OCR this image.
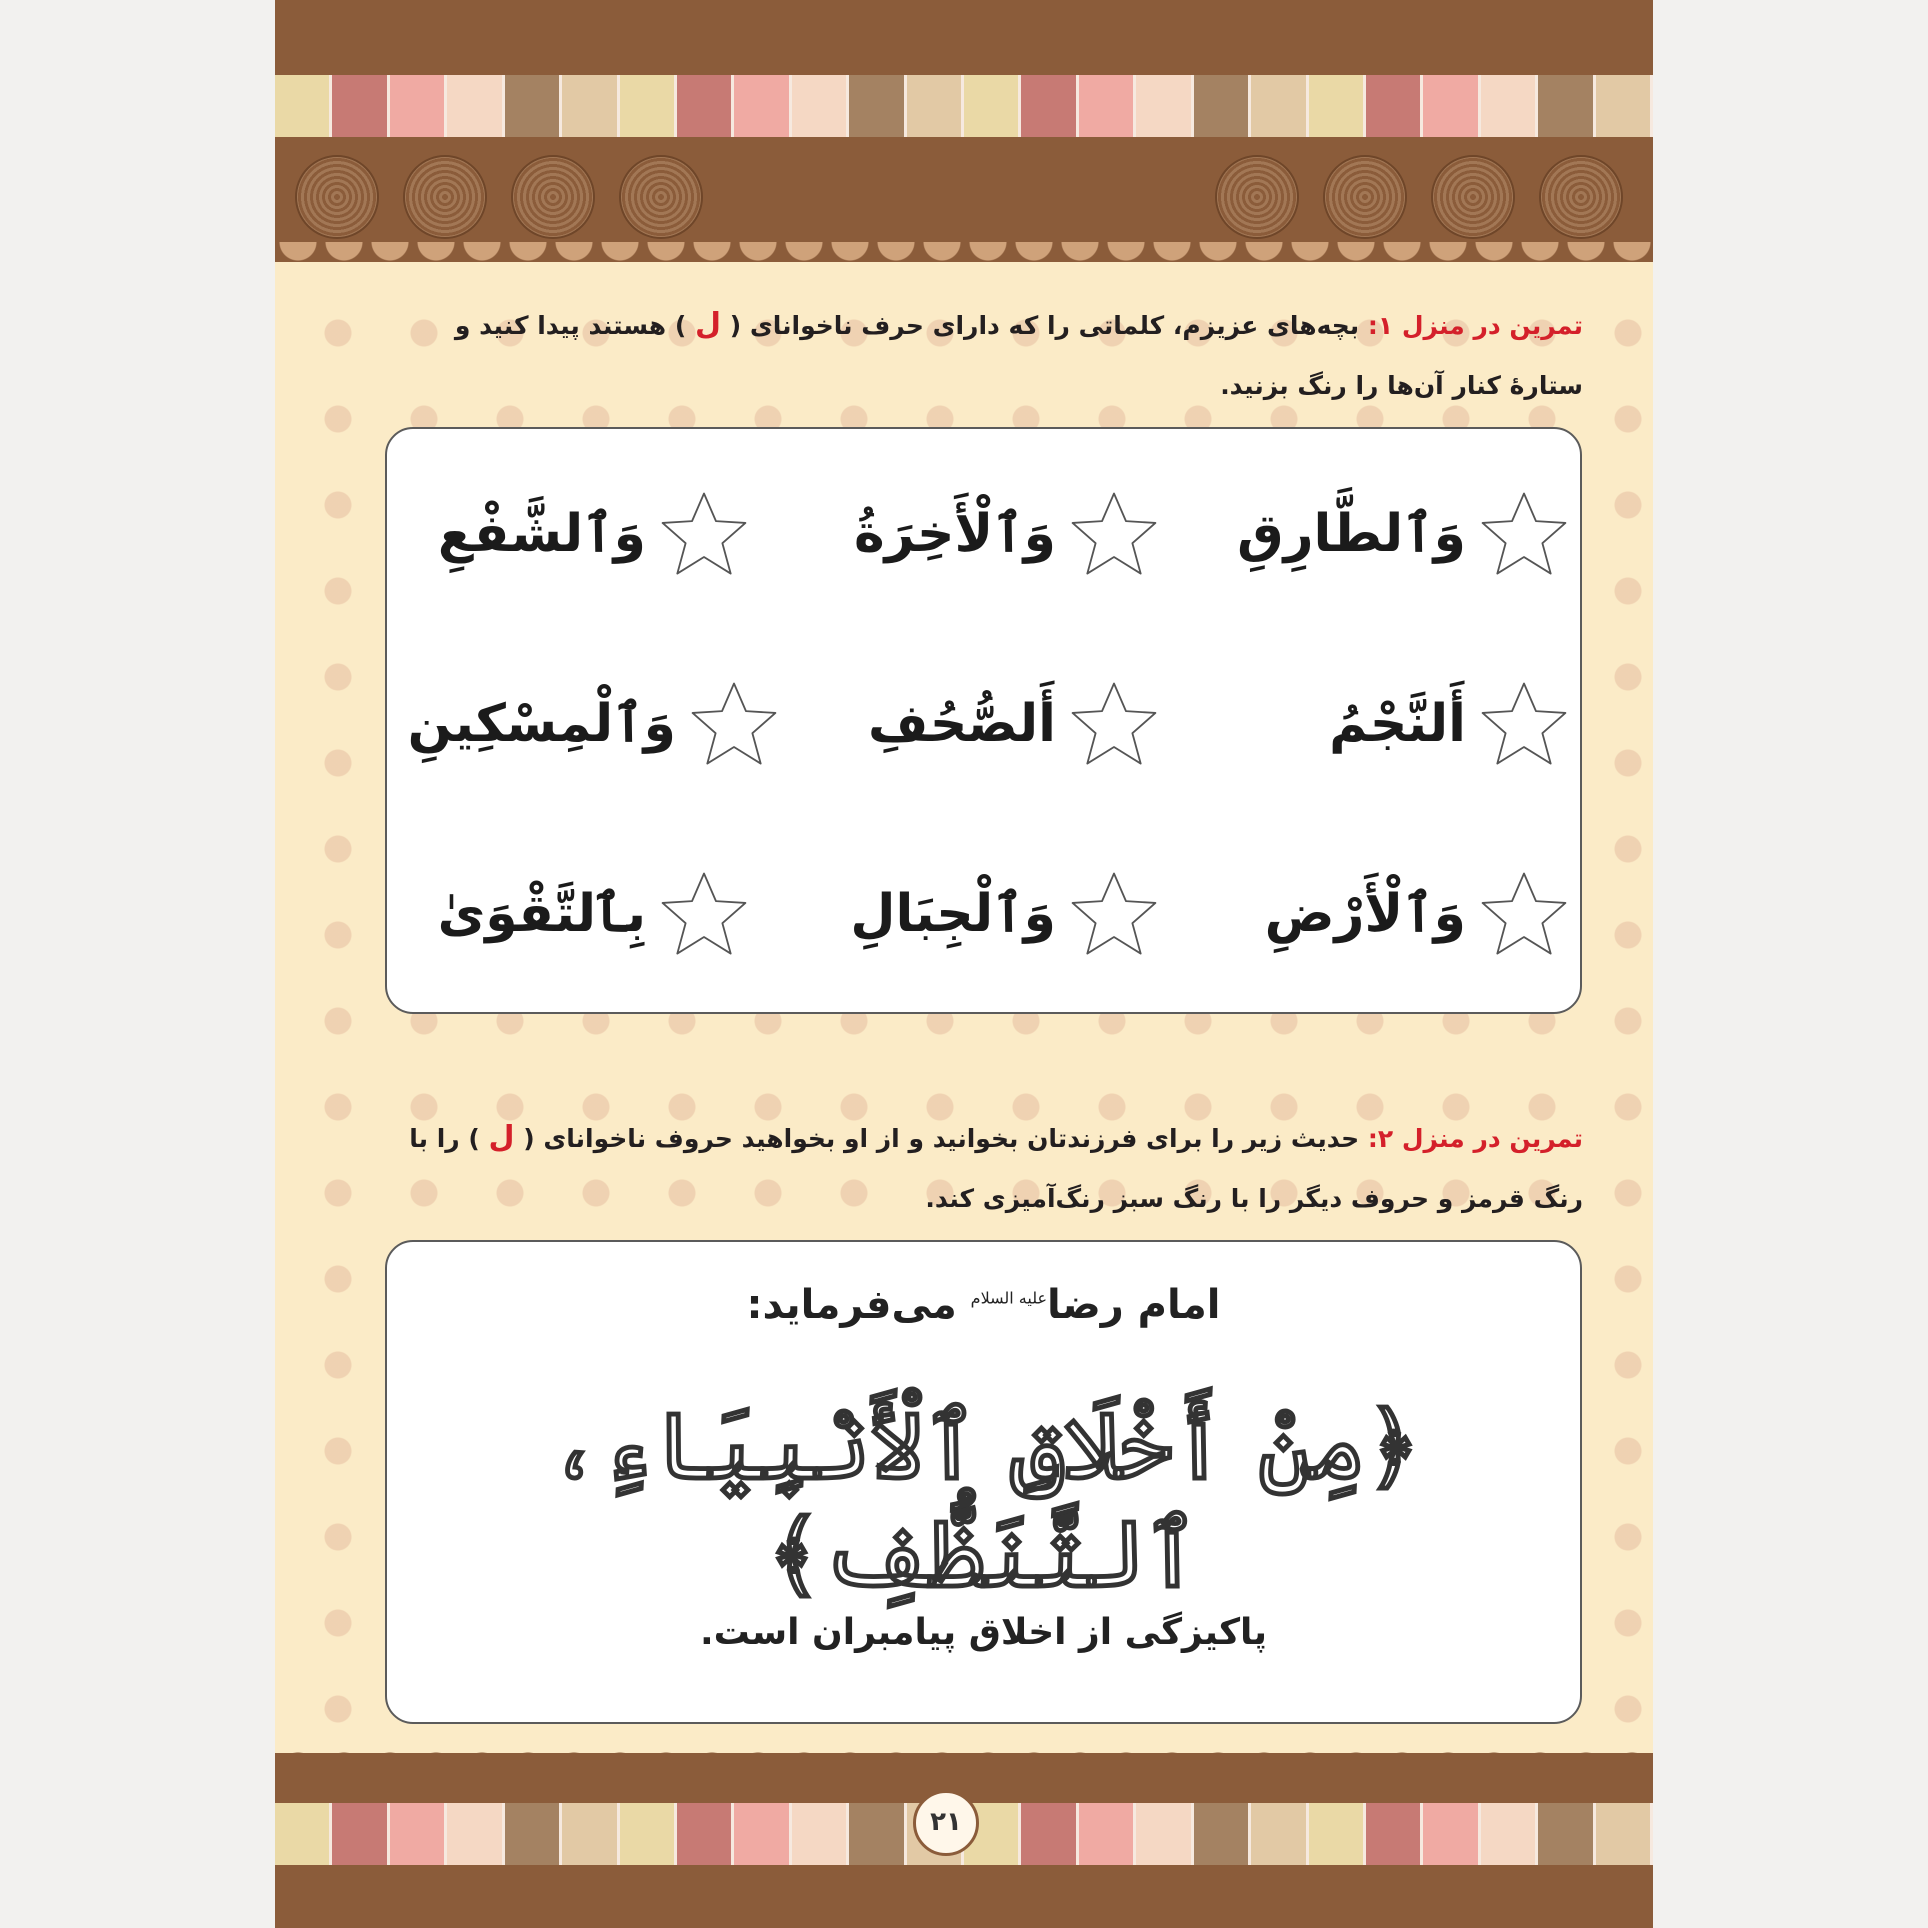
تمرین در منزل ۱: بچه‌های عزیزم، کلماتی را که دارای حرف ناخوانای ( ل ) هستند پیدا کنید و ستارهٔ کنار آن‌ها را رنگ بزنید.
وَٱلطَّارِقِ
وَٱلْأَخِرَةُ
وَٱلشَّفْعِ
أَلنَّجْمُ
أَلصُّحُفِ
وَٱلْمِسْكِينِ
وَٱلْأَرْضِ
وَٱلْجِبَالِ
بِٱلتَّقْوَىٰ
تمرین در منزل ۲: حدیث زیر را برای فرزندتان بخوانید و از او بخواهید حروف ناخوانای ( ل ) را با رنگ قرمز و حروف دیگر را با رنگ سبز رنگ‌آمیزی کند.
امام رضا$^{علیه السلام}$ می‌فرماید:
﴿مِنْ أَخْلَاقِ ٱلْأَنْبِيَاءِ، ٱلتَّنَظُّفِ﴾
پاکیزگی از اخلاق پیامبران است.
۲۱
